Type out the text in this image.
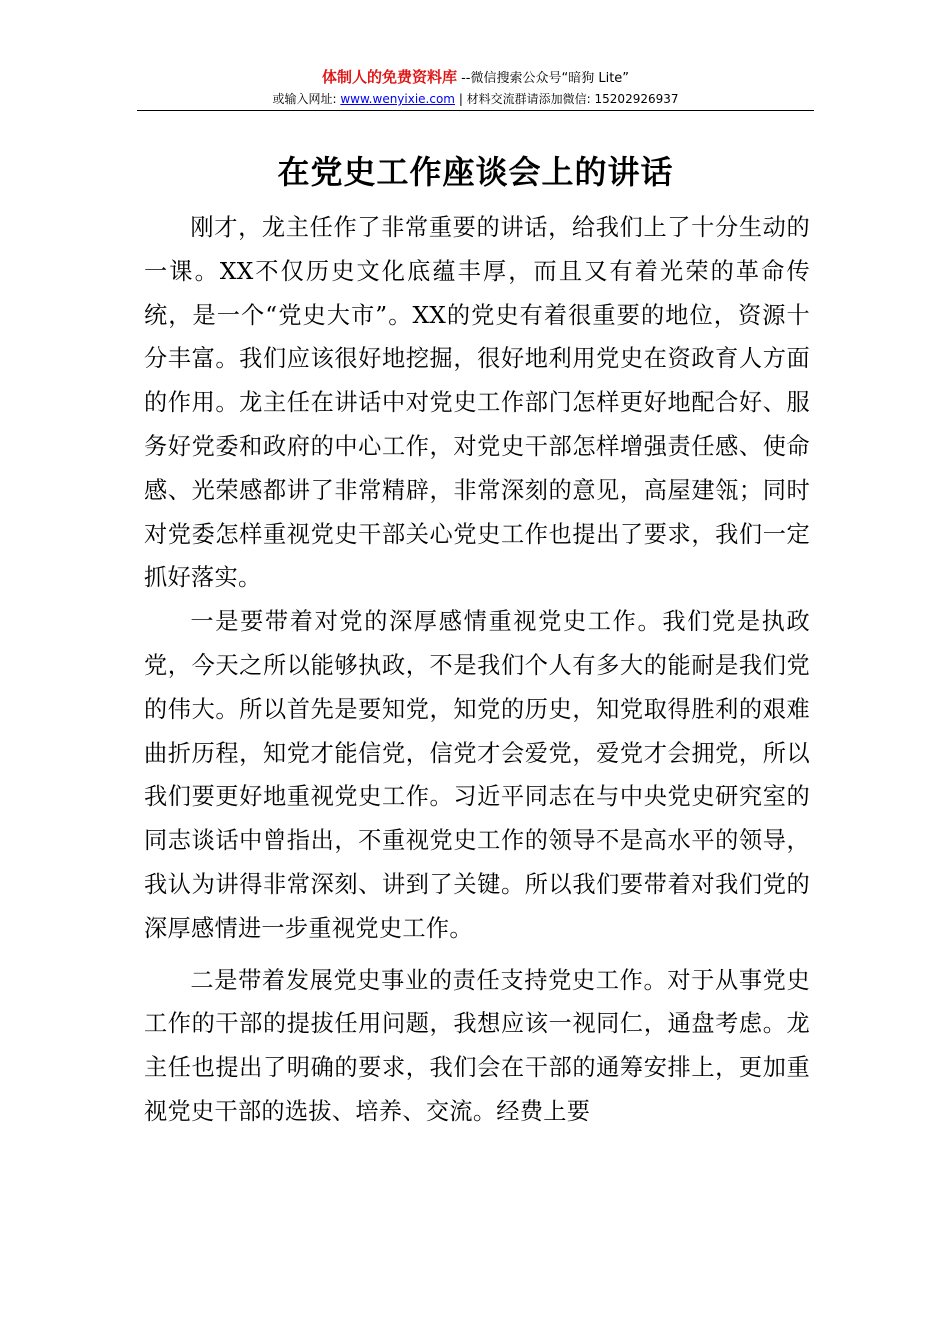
体制人的免费资料库 --微信搜索公众号“暗狗 Lite”
或输入网址: www.wenyixie.com | 材料交流群请添加微信: 15202926937
在党史工作座谈会上的讲话

刚才，龙主任作了非常重要的讲话，给我们上了十分生动的一课。XX不仅历史文化底蕴丰厚，而且又有着光荣的革命传统，是一个“党史大市”。XX的党史有着很重要的地位，资源十分丰富。我们应该很好地挖掘，很好地利用党史在资政育人方面的作用。龙主任在讲话中对党史工作部门怎样更好地配合好、服务好党委和政府的中心工作，对党史干部怎样增强责任感、使命感、光荣感都讲了非常精辟，非常深刻的意见，高屋建瓴；同时对党委怎样重视党史干部关心党史工作也提出了要求，我们一定抓好落实。

一是要带着对党的深厚感情重视党史工作。我们党是执政党，今天之所以能够执政，不是我们个人有多大的能耐是我们党的伟大。所以首先是要知党，知党的历史，知党取得胜利的艰难曲折历程，知党才能信党，信党才会爱党，爱党才会拥党，所以我们要更好地重视党史工作。习近平同志在与中央党史研究室的同志谈话中曾指出，不重视党史工作的领导不是高水平的领导，我认为讲得非常深刻、讲到了关键。所以我们要带着对我们党的深厚感情进一步重视党史工作。

二是带着发展党史事业的责任支持党史工作。对于从事党史工作的干部的提拔任用问题，我想应该一视同仁，通盘考虑。龙主任也提出了明确的要求，我们会在干部的通筹安排上，更加重视党史干部的选拔、培养、交流。经费上要
